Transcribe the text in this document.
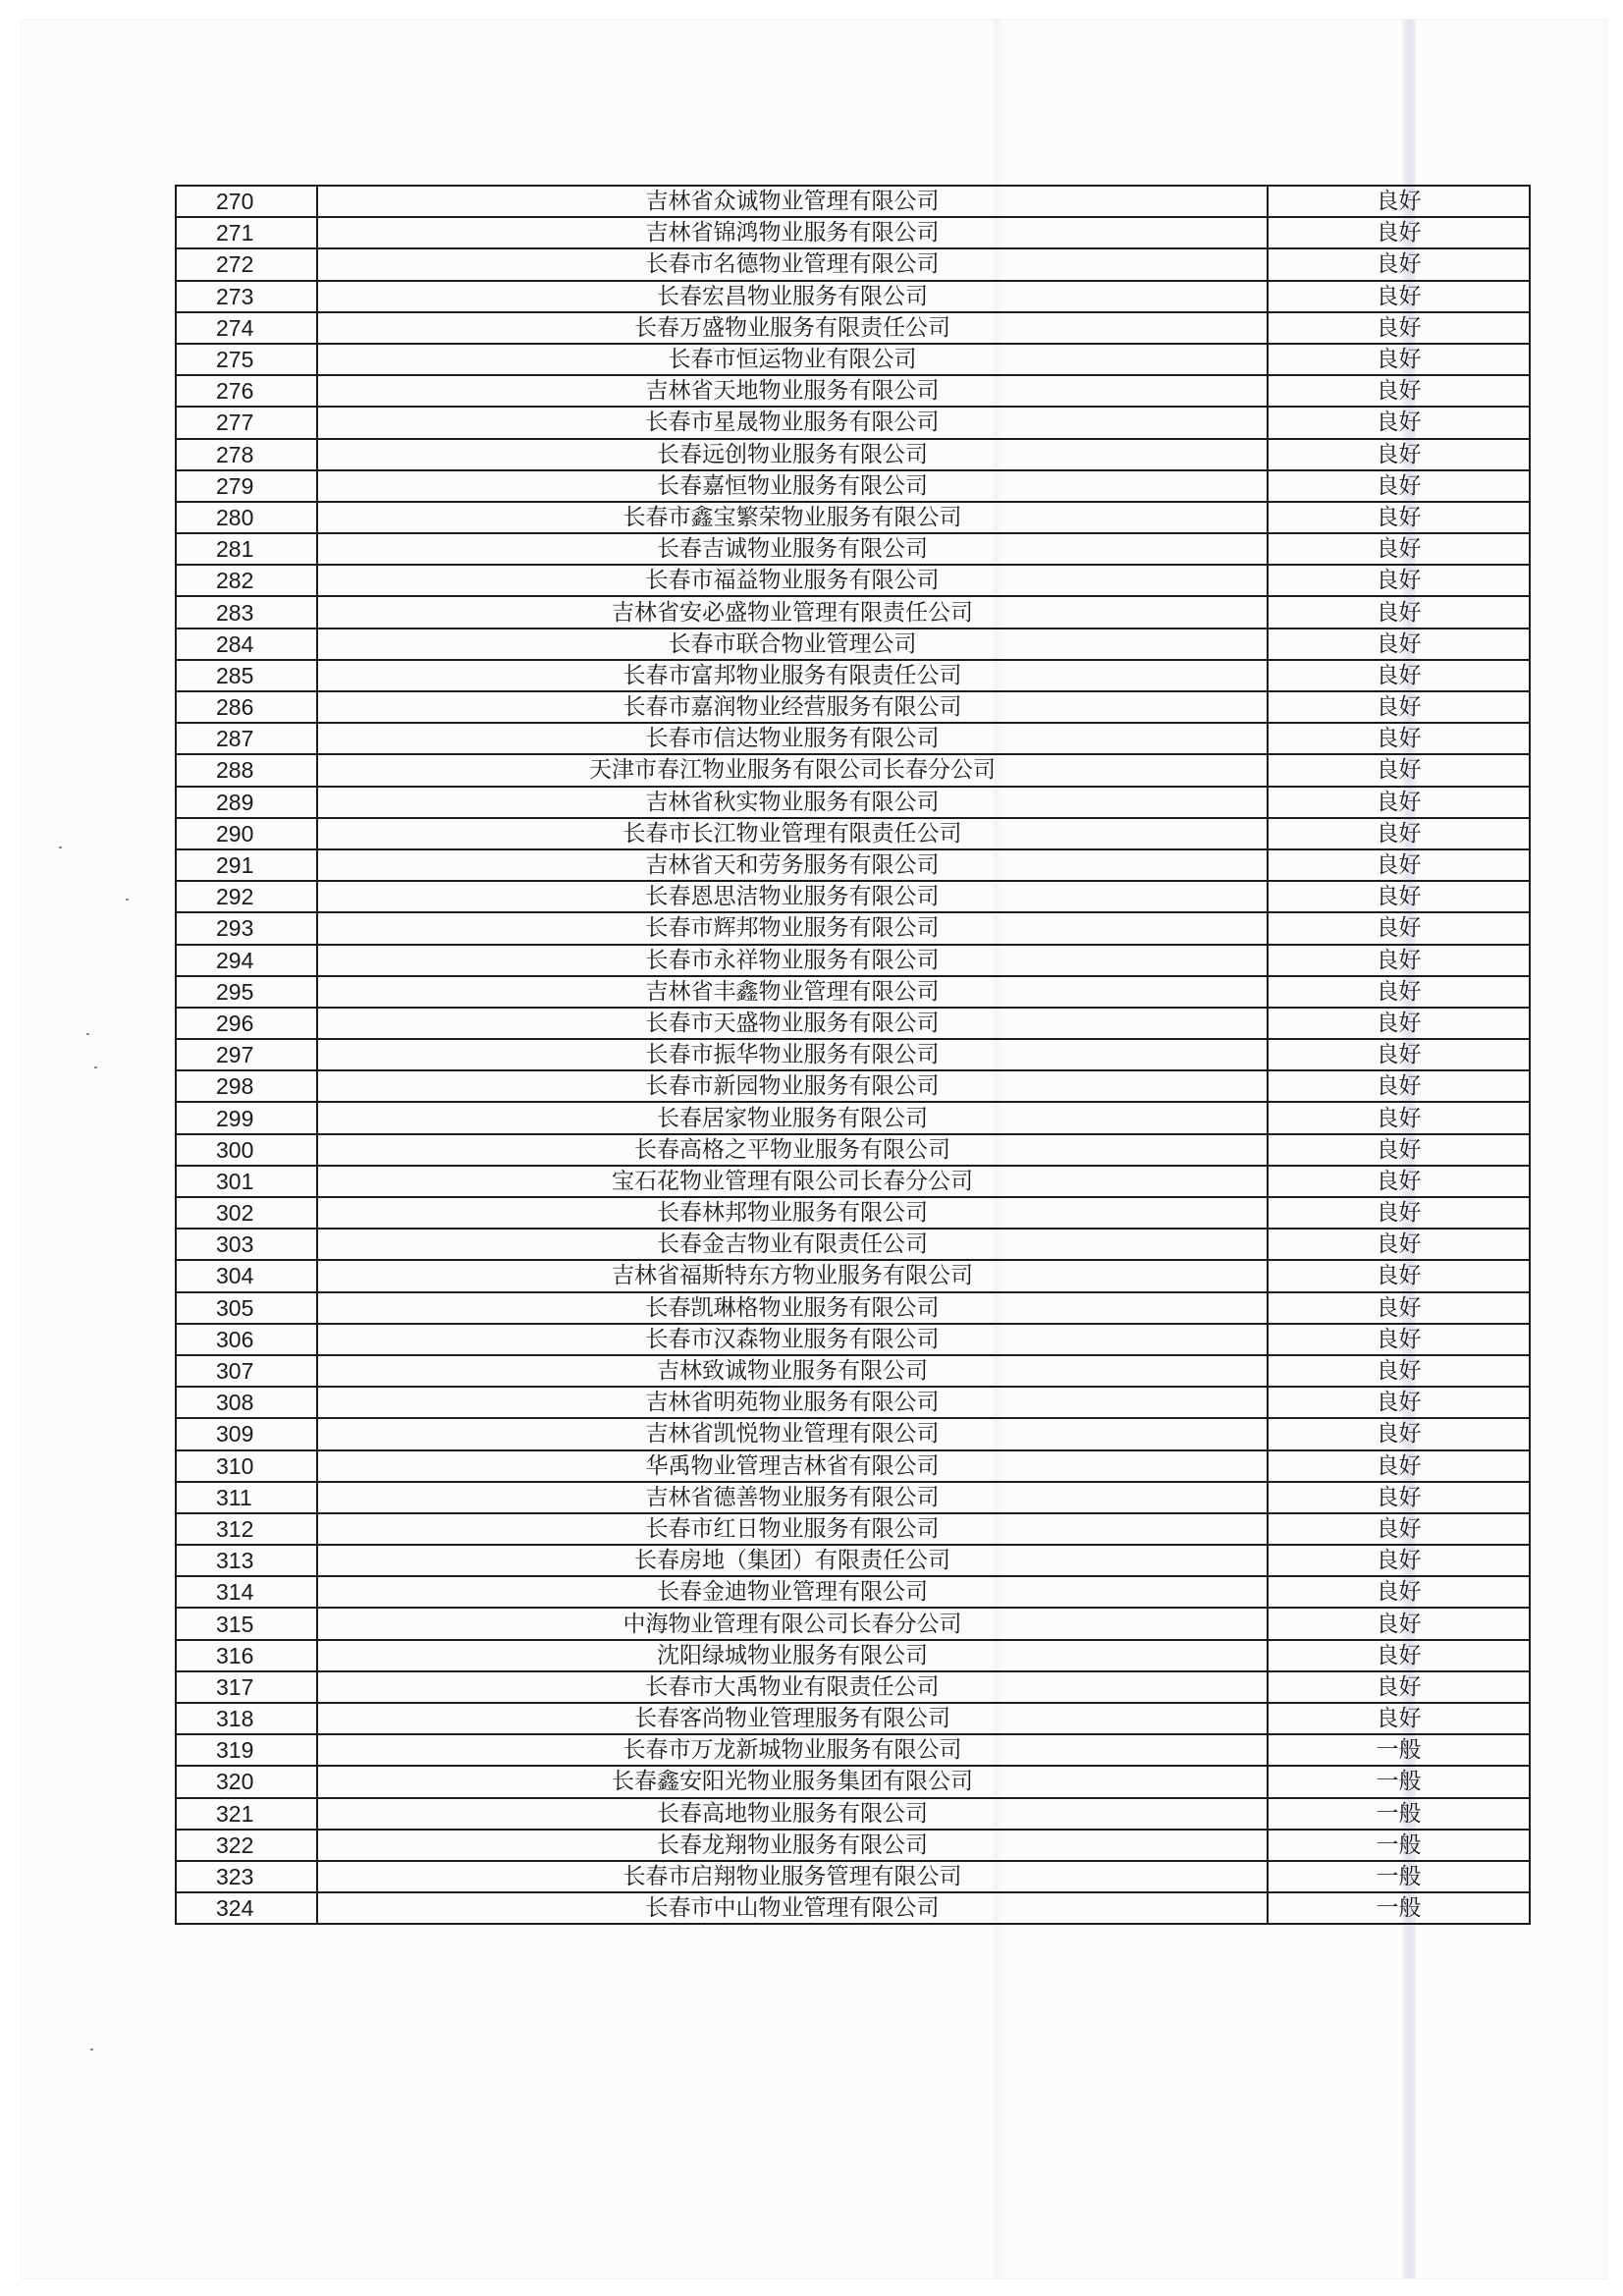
270	吉林省众诚物业管理有限公司	良好
271	吉林省锦鸿物业服务有限公司	良好
272	长春市名德物业管理有限公司	良好
273	长春宏昌物业服务有限公司	良好
274	长春万盛物业服务有限责任公司	良好
275	长春市恒运物业有限公司	良好
276	吉林省天地物业服务有限公司	良好
277	长春市星晟物业服务有限公司	良好
278	长春远创物业服务有限公司	良好
279	长春嘉恒物业服务有限公司	良好
280	长春市鑫宝繁荣物业服务有限公司	良好
281	长春吉诚物业服务有限公司	良好
282	长春市福益物业服务有限公司	良好
283	吉林省安必盛物业管理有限责任公司	良好
284	长春市联合物业管理公司	良好
285	长春市富邦物业服务有限责任公司	良好
286	长春市嘉润物业经营服务有限公司	良好
287	长春市信达物业服务有限公司	良好
288	天津市春江物业服务有限公司长春分公司	良好
289	吉林省秋实物业服务有限公司	良好
290	长春市长江物业管理有限责任公司	良好
291	吉林省天和劳务服务有限公司	良好
292	长春恩思洁物业服务有限公司	良好
293	长春市辉邦物业服务有限公司	良好
294	长春市永祥物业服务有限公司	良好
295	吉林省丰鑫物业管理有限公司	良好
296	长春市天盛物业服务有限公司	良好
297	长春市振华物业服务有限公司	良好
298	长春市新园物业服务有限公司	良好
299	长春居家物业服务有限公司	良好
300	长春高格之平物业服务有限公司	良好
301	宝石花物业管理有限公司长春分公司	良好
302	长春林邦物业服务有限公司	良好
303	长春金吉物业有限责任公司	良好
304	吉林省福斯特东方物业服务有限公司	良好
305	长春凯琳格物业服务有限公司	良好
306	长春市汉森物业服务有限公司	良好
307	吉林致诚物业服务有限公司	良好
308	吉林省明苑物业服务有限公司	良好
309	吉林省凯悦物业管理有限公司	良好
310	华禹物业管理吉林省有限公司	良好
311	吉林省德善物业服务有限公司	良好
312	长春市红日物业服务有限公司	良好
313	长春房地（集团）有限责任公司	良好
314	长春金迪物业管理有限公司	良好
315	中海物业管理有限公司长春分公司	良好
316	沈阳绿城物业服务有限公司	良好
317	长春市大禹物业有限责任公司	良好
318	长春客尚物业管理服务有限公司	良好
319	长春市万龙新城物业服务有限公司	一般
320	长春鑫安阳光物业服务集团有限公司	一般
321	长春高地物业服务有限公司	一般
322	长春龙翔物业服务有限公司	一般
323	长春市启翔物业服务管理有限公司	一般
324	长春市中山物业管理有限公司	一般
